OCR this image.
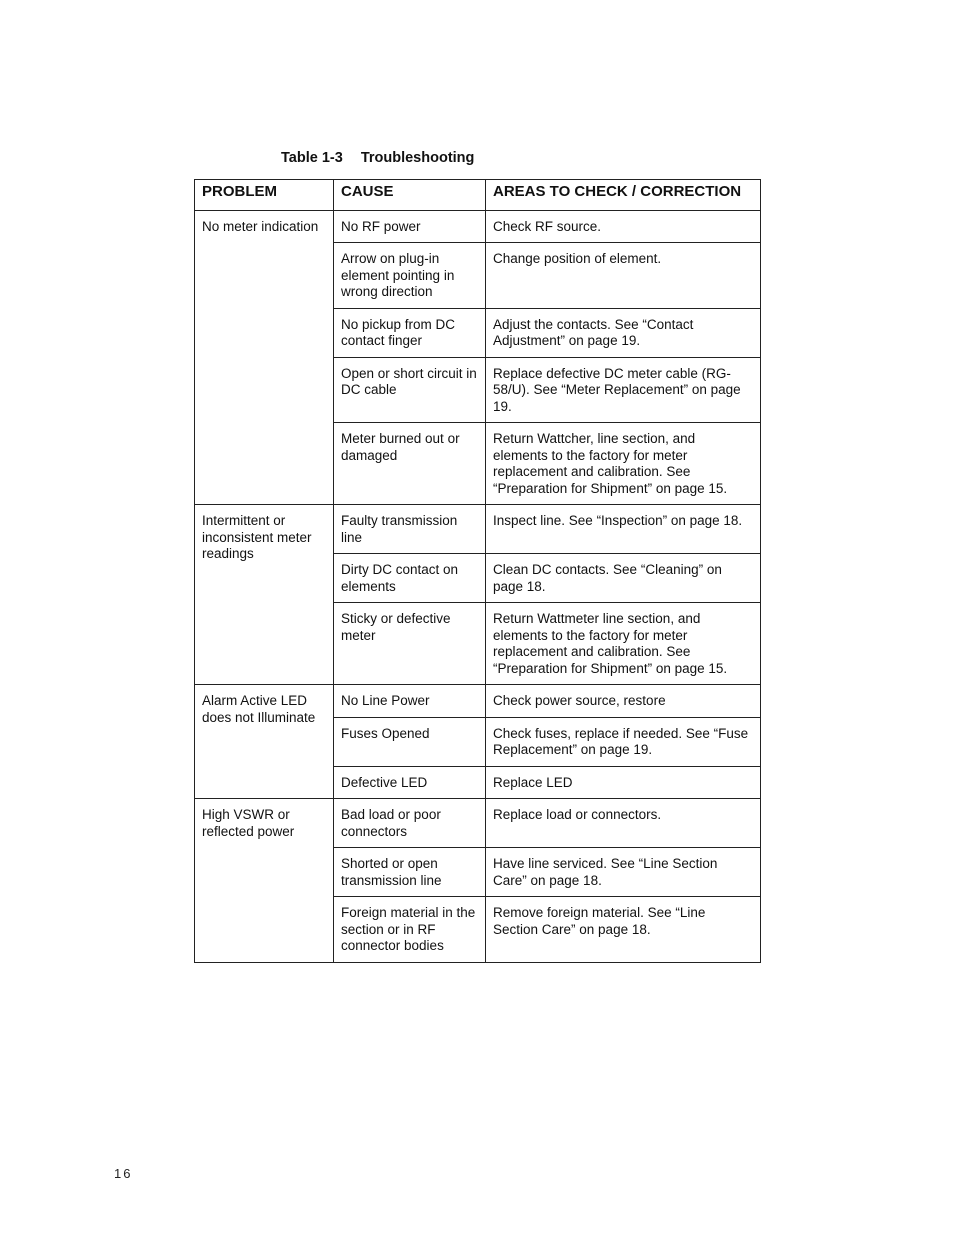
Table 1-3 Troubleshooting
PROBLEM	CAUSE	AREAS TO CHECK / CORRECTION
No meter indication	No RF power	Check RF source.
	Arrow on plug-in element pointing in wrong direction	Change position of element.
	No pickup from DC contact finger	Adjust the contacts. See “Contact Adjustment” on page 19.
	Open or short circuit in DC cable	Replace defective DC meter cable (RG-58/U). See “Meter Replacement” on page 19.
	Meter burned out or damaged	Return Wattcher, line section, and elements to the factory for meter replacement and calibration. See “Preparation for Shipment” on page 15.
Intermittent or inconsistent meter readings	Faulty transmission line	Inspect line. See “Inspection” on page 18.
	Dirty DC contact on elements	Clean DC contacts. See “Cleaning” on page 18.
	Sticky or defective meter	Return Wattmeter line section, and elements to the factory for meter replacement and calibration. See “Preparation for Shipment” on page 15.
Alarm Active LED does not Illuminate	No Line Power	Check power source, restore
	Fuses Opened	Check fuses, replace if needed. See “Fuse Replacement” on page 19.
	Defective LED	Replace LED
High VSWR or reflected power	Bad load or poor connectors	Replace load or connectors.
	Shorted or open transmission line	Have line serviced. See “Line Section Care” on page 18.
	Foreign material in the section or in RF connector bodies	Remove foreign material. See “Line Section Care” on page 18.
16
